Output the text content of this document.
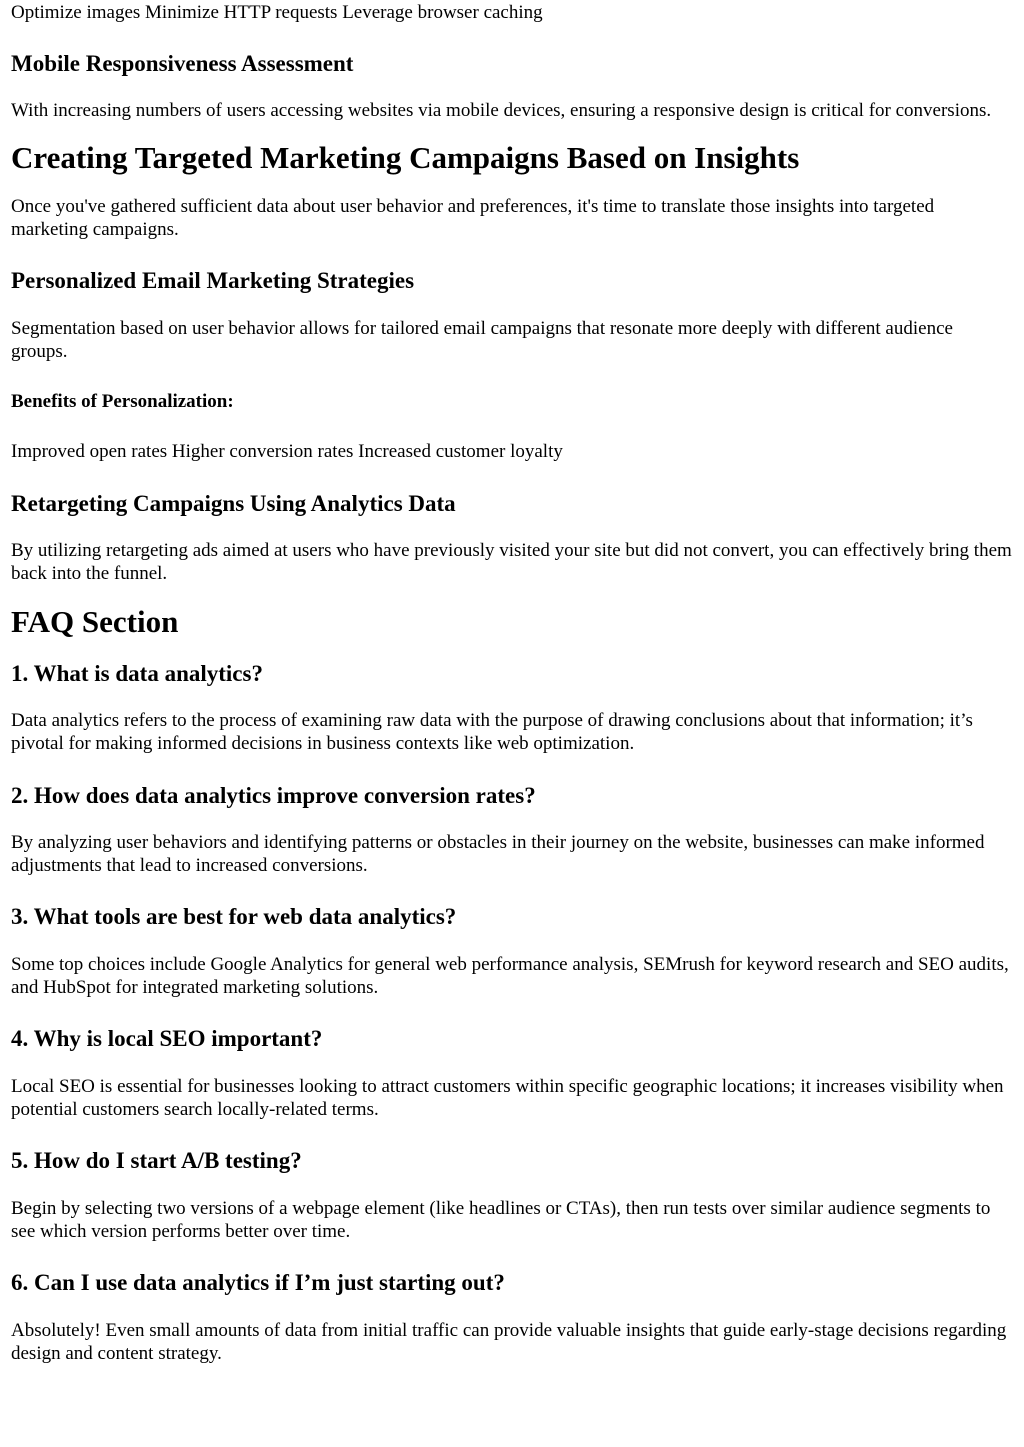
Optimize images Minimize HTTP requests Leverage browser caching

Mobile Responsiveness Assessment

With increasing numbers of users accessing websites via mobile devices, ensuring a responsive design is critical for conversions.

Creating Targeted Marketing Campaigns Based on Insights

Once you've gathered sufficient data about user behavior and preferences, it's time to translate those insights into targeted marketing campaigns.

Personalized Email Marketing Strategies

Segmentation based on user behavior allows for tailored email campaigns that resonate more deeply with different audience groups.

Benefits of Personalization:

Improved open rates Higher conversion rates Increased customer loyalty

Retargeting Campaigns Using Analytics Data

By utilizing retargeting ads aimed at users who have previously visited your site but did not convert, you can effectively bring them back into the funnel.

FAQ Section
1. What is data analytics?

Data analytics refers to the process of examining raw data with the purpose of drawing conclusions about that information; it’s pivotal for making informed decisions in business contexts like web optimization.

2. How does data analytics improve conversion rates?

By analyzing user behaviors and identifying patterns or obstacles in their journey on the website, businesses can make informed adjustments that lead to increased conversions.

3. What tools are best for web data analytics?

Some top choices include Google Analytics for general web performance analysis, SEMrush for keyword research and SEO audits, and HubSpot for integrated marketing solutions.

4. Why is local SEO important?

Local SEO is essential for businesses looking to attract customers within specific geographic locations; it increases visibility when potential customers search locally-related terms.

5. How do I start A/B testing?

Begin by selecting two versions of a webpage element (like headlines or CTAs), then run tests over similar audience segments to see which version performs better over time.

6. Can I use data analytics if I’m just starting out?

Absolutely! Even small amounts of data from initial traffic can provide valuable insights that guide early-stage decisions regarding design and content strategy.
